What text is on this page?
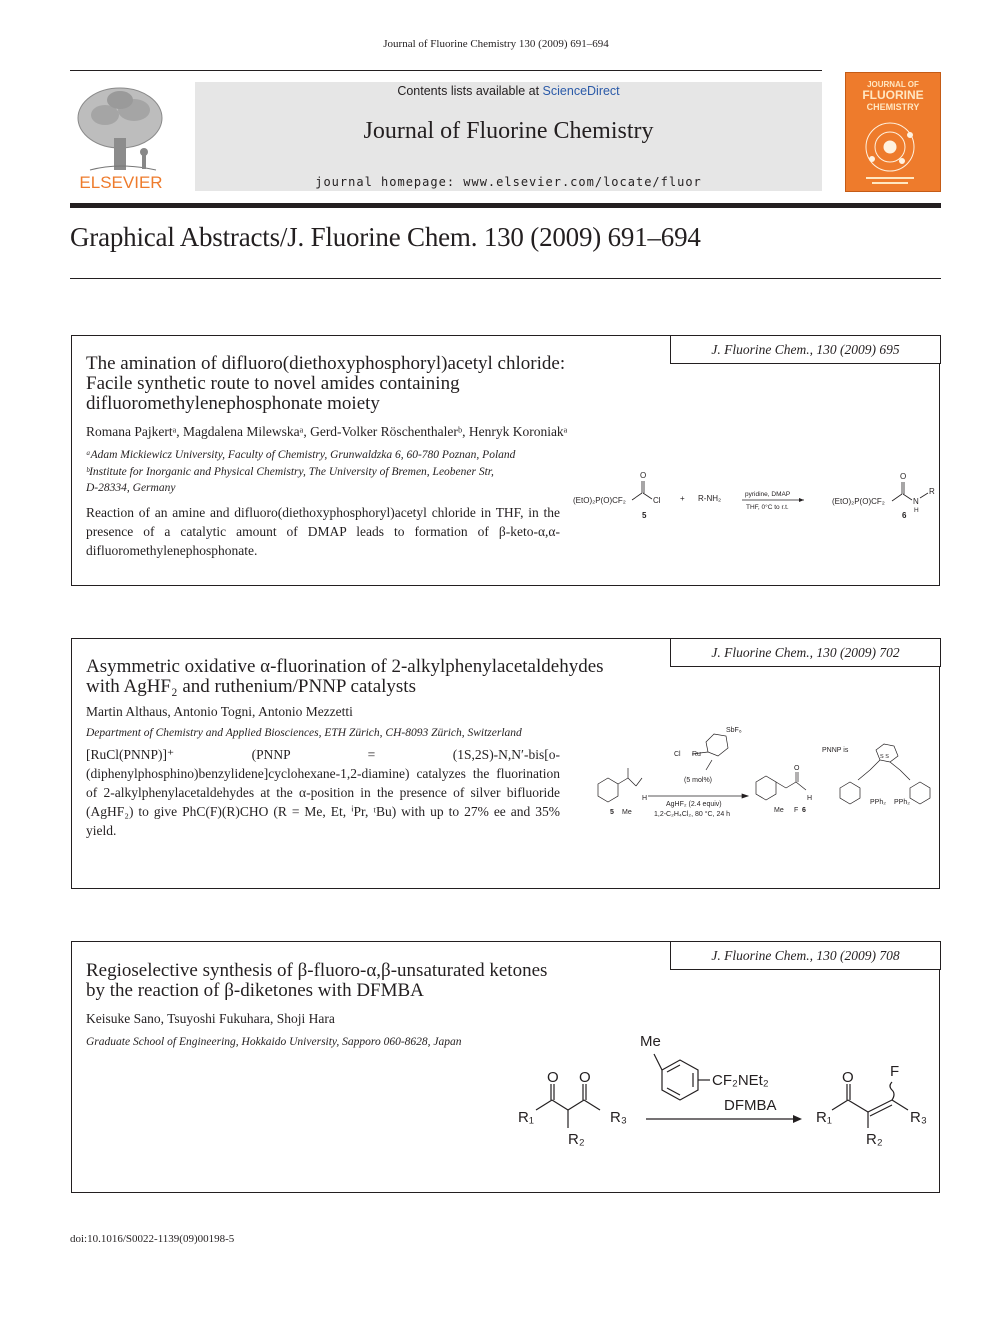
Journal of Fluorine Chemistry 130 (2009) 691–694
ELSEVIER
Contents lists available at ScienceDirect
Journal of Fluorine Chemistry
journal homepage: www.elsevier.com/locate/fluor
JOURNAL OF
FLUORINE
CHEMISTRY
Graphical Abstracts/J. Fluorine Chem. 130 (2009) 691–694
J. Fluorine Chem., 130 (2009) 695
The amination of difluoro(diethoxyphosphoryl)acetyl chloride:
Facile synthetic route to novel amides containing
difluoromethylenephosphonate moiety
Romana Pajkertᵃ, Magdalena Milewskaᵃ, Gerd-Volker Röschenthalerᵇ, Henryk Koroniakᵃ
ᵃAdam Mickiewicz University, Faculty of Chemistry, Grunwaldzka 6, 60-780 Poznan, Poland
ᵇInstitute for Inorganic and Physical Chemistry, The University of Bremen, Leobener Str,
D-28334, Germany
Reaction of an amine and difluoro(diethoxyphosphoryl)acetyl chloride in THF, in the presence of a catalytic amount of DMAP leads to formation of β-keto-α,α-difluoromethylenephosphonate.
(EtO)₂P(O)CF₂
O
Cl
5
+ R-NH₂	pyridine, DMAP
THF, 0°C to r.t.
(EtO)₂P(O)CF₂
O
N
H
R
6
J. Fluorine Chem., 130 (2009) 702
Asymmetric oxidative α-fluorination of 2-alkylphenylacetaldehydes
with AgHF₂ and ruthenium/PNNP catalysts
Martin Althaus, Antonio Togni, Antonio Mezzetti
Department of Chemistry and Applied Biosciences, ETH Zürich, CH-8093 Zürich, Switzerland
[RuCl(PNNP)]⁺ (PNNP = (1S,2S)-N,N′-bis[o-(diphenylphosphino)benzylidene]cyclohexane-1,2-diamine) catalyzes the fluorination of 2-alkylphenylacetaldehydes at the α-position in the presence of silver bifluoride (AgHF₂) to give PhC(F)(R)CHO (R = Me, Et, ⁱPr, ᵗBu) with up to 27% ee and 35% yield.
SbF₆
Cl Ru
(5 mol%)
AgHF₂ (2.4 equiv)
1,2-C₂H₄Cl₂, 80 °C, 24 h
H
5 Me
O
H
Me F 6
PNNP is
S S
PPh₂ PPh₂
J. Fluorine Chem., 130 (2009) 708
Regioselective synthesis of β-fluoro-α,β-unsaturated ketones
by the reaction of β-diketones with DFMBA
Keisuke Sano, Tsuyoshi Fukuhara, Shoji Hara
Graduate School of Engineering, Hokkaido University, Sapporo 060-8628, Japan
O O
R₁	R₃
R₂
Me
CF₂NEt₂
DFMBA
O F
R₁	R₃
R₂
doi:10.1016/S0022-1139(09)00198-5
